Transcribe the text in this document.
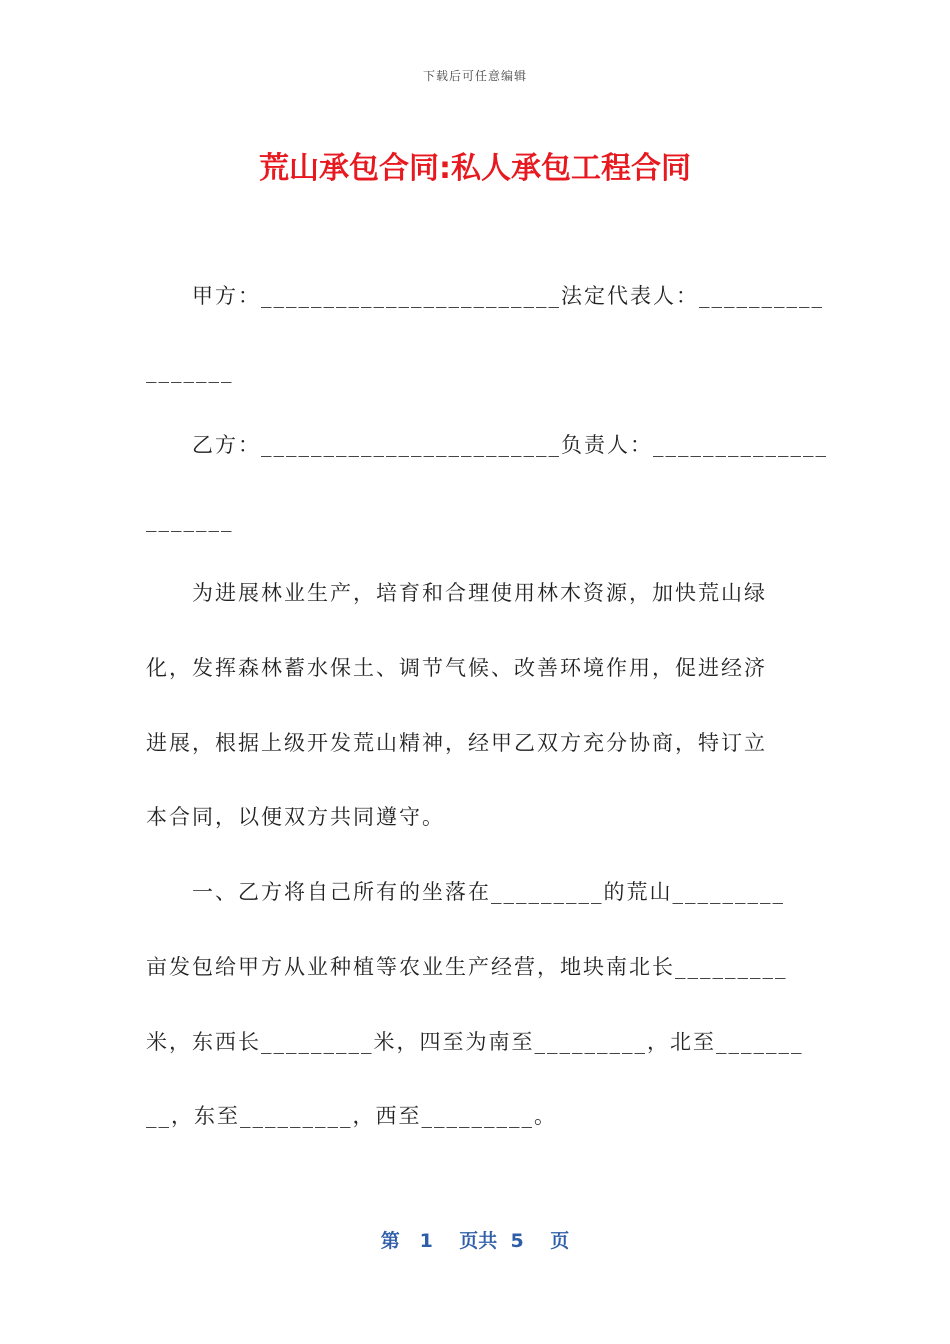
下载后可任意编辑
荒山承包合同:私人承包工程合同
　　甲方：________________________法定代表人：__________
_______
　　乙方：________________________负责人：______________
_______
　　为进展林业生产，培育和合理使用林木资源，加快荒山绿
化，发挥森林蓄水保土、调节气候、改善环境作用，促进经济
进展，根据上级开发荒山精神，经甲乙双方充分协商，特订立
本合同，以便双方共同遵守。
　　一、乙方将自己所有的坐落在_________的荒山_________
亩发包给甲方从业种植等农业生产经营，地块南北长_________
米，东西长_________米，四至为南至_________，北至_______
__，东至_________，西至_________。
第 1 页共 5 页
